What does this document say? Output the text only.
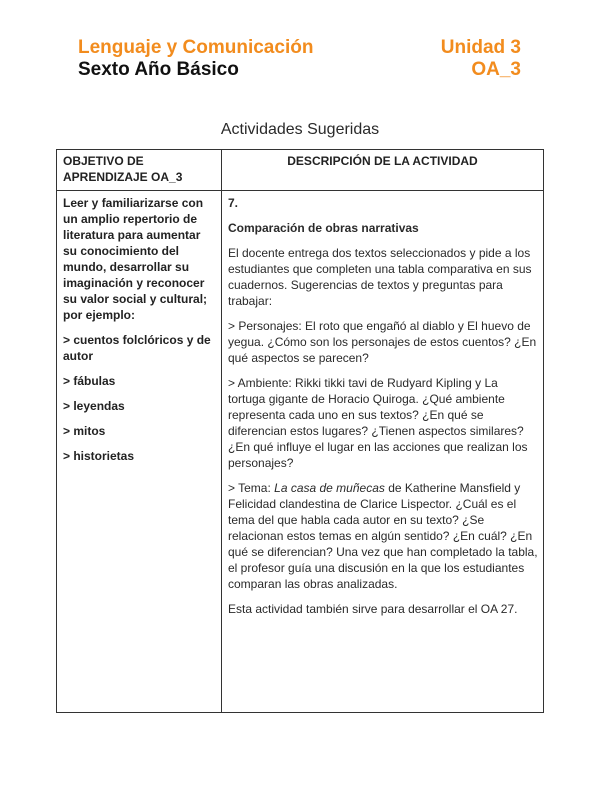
Lenguaje y Comunicación
Sexto Año Básico
Unidad 3
OA_3
Actividades Sugeridas
OBJETIVO DE APRENDIZAJE OA_3
DESCRIPCIÓN DE LA ACTIVIDAD

Leer y familiarizarse con un amplio repertorio de literatura para aumentar su conocimiento del mundo, desarrollar su imaginación y reconocer su valor social y cultural; por ejemplo:

> cuentos folclóricos y de autor

> fábulas

> leyendas

> mitos

> historietas

7.

Comparación de obras narrativas

El docente entrega dos textos seleccionados y pide a los estudiantes que completen una tabla comparativa en sus cuadernos. Sugerencias de textos y preguntas para trabajar:

> Personajes: El roto que engañó al diablo y El huevo de yegua. ¿Cómo son los personajes de estos cuentos? ¿En qué aspectos se parecen?

> Ambiente: Rikki tikki tavi de Rudyard Kipling y La tortuga gigante de Horacio Quiroga. ¿Qué ambiente representa cada uno en sus textos? ¿En qué se diferencian estos lugares? ¿Tienen aspectos similares? ¿En qué influye el lugar en las acciones que realizan los personajes?

> Tema: La casa de muñecas de Katherine Mansfield y Felicidad clandestina de Clarice Lispector. ¿Cuál es el tema del que habla cada autor en su texto? ¿Se relacionan estos temas en algún sentido? ¿En cuál? ¿En qué se diferencian? Una vez que han completado la tabla, el profesor guía una discusión en la que los estudiantes comparan las obras analizadas.

Esta actividad también sirve para desarrollar el OA 27.
